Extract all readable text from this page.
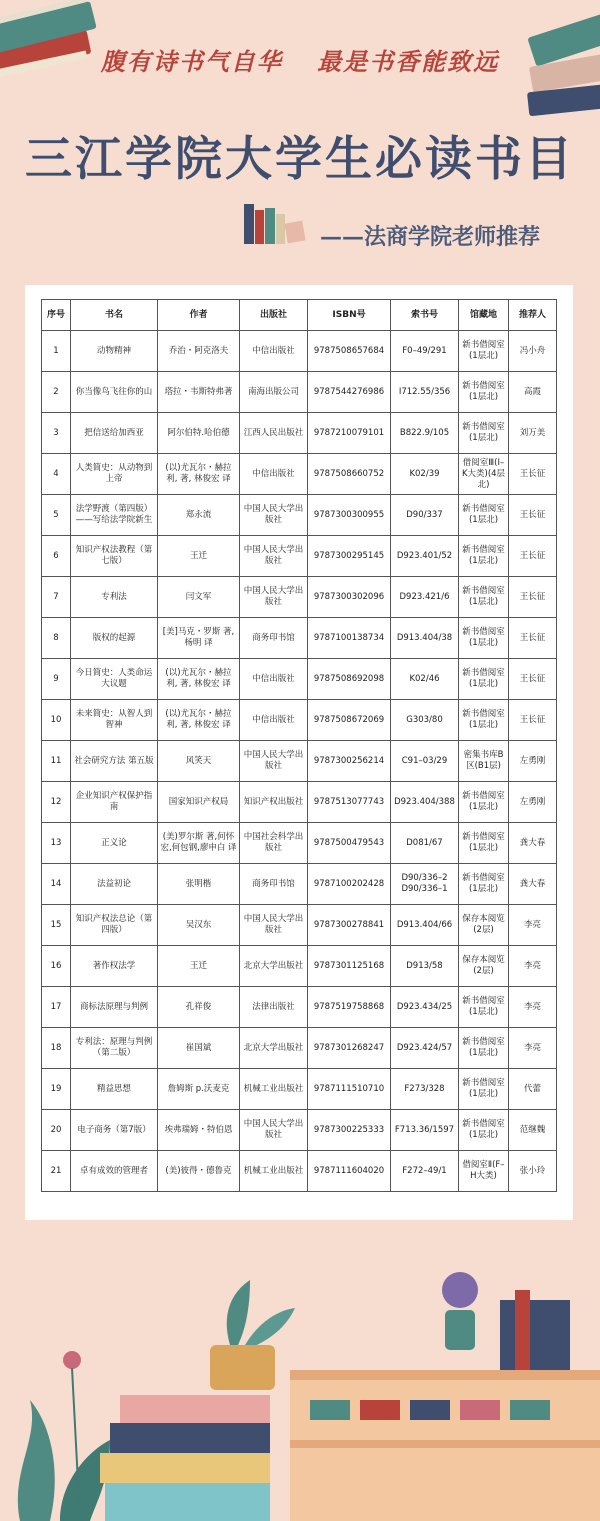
腹有诗书气自华 最是书香能致远
三江学院大学生必读书目
——法商学院老师推荐
序号	书名	作者	出版社	ISBN号	索书号	馆藏地	推荐人
1	动物精神	乔治・阿克洛夫	中信出版社	9787508657684	F0–49/291	新书借阅室(1层北)	冯小舟
2	你当像鸟飞往你的山	塔拉・韦斯特弗著	南海出版公司	9787544276986	I712.55/356	新书借阅室(1层北)	高霞
3	把信送给加西亚	阿尔伯特.哈伯德	江西人民出版社	9787210079101	B822.9/105	新书借阅室(1层北)	刘万美
4	人类简史：从动物到上帝	(以)尤瓦尔・赫拉利, 著, 林俊宏 译	中信出版社	9787508660752	K02/39	借阅室Ⅲ(I–K大类)(4层北)	王长征
5	法学野渡（第四版）——写给法学院新生	郑永流	中国人民大学出版社	9787300300955	D90/337	新书借阅室(1层北)	王长征
6	知识产权法教程（第七版）	王迁	中国人民大学出版社	9787300295145	D923.401/52	新书借阅室(1层北)	王长征
7	专利法	闫文军	中国人民大学出版社	9787300302096	D923.421/6	新书借阅室(1层北)	王长征
8	版权的起源	[美]马克・罗斯 著, 杨明 译	商务印书馆	9787100138734	D913.404/38	新书借阅室(1层北)	王长征
9	今日简史：人类命运大议题	(以)尤瓦尔・赫拉利, 著, 林俊宏 译	中信出版社	9787508692098	K02/46	新书借阅室(1层北)	王长征
10	未来简史：从智人到智神	(以)尤瓦尔・赫拉利, 著, 林俊宏 译	中信出版社	9787508672069	G303/80	新书借阅室(1层北)	王长征
11	社会研究方法 第五版	风笑天	中国人民大学出版社	9787300256214	C91–03/29	密集书库B区(B1层)	左勇刚
12	企业知识产权保护指南	国家知识产权局	知识产权出版社	9787513077743	D923.404/388	新书借阅室(1层北)	左勇刚
13	正义论	(美)罗尔斯 著,何怀宏,何包钢,廖申白 译	中国社会科学出版社	9787500479543	D081/67	新书借阅室(1层北)	龚大春
14	法益初论	张明楷	商务印书馆	9787100202428	D90/336–2 D90/336–1	新书借阅室(1层北)	龚大春
15	知识产权法总论（第四版）	吴汉东	中国人民大学出版社	9787300278841	D913.404/66	保存本阅览(2层)	李亮
16	著作权法学	王迁	北京大学出版社	9787301125168	D913/58	保存本阅览(2层)	李亮
17	商标法原理与判例	孔祥俊	法律出版社	9787519758868	D923.434/25	新书借阅室(1层北)	李亮
18	专利法：原理与判例（第二版）	崔国斌	北京大学出版社	9787301268247	D923.424/57	新书借阅室(1层北)	李亮
19	精益思想	詹姆斯 p.沃麦克	机械工业出版社	9787111510710	F273/328	新书借阅室(1层北)	代蕾
20	电子商务（第7版）	埃弗瑞姆・特伯恩	中国人民大学出版社	9787300225333	F713.36/1597	新书借阅室(1层北)	范继魏
21	卓有成效的管理者	(美)彼得・德鲁克	机械工业出版社	9787111604020	F272–49/1	借阅室Ⅱ(F–H大类)	张小玲
